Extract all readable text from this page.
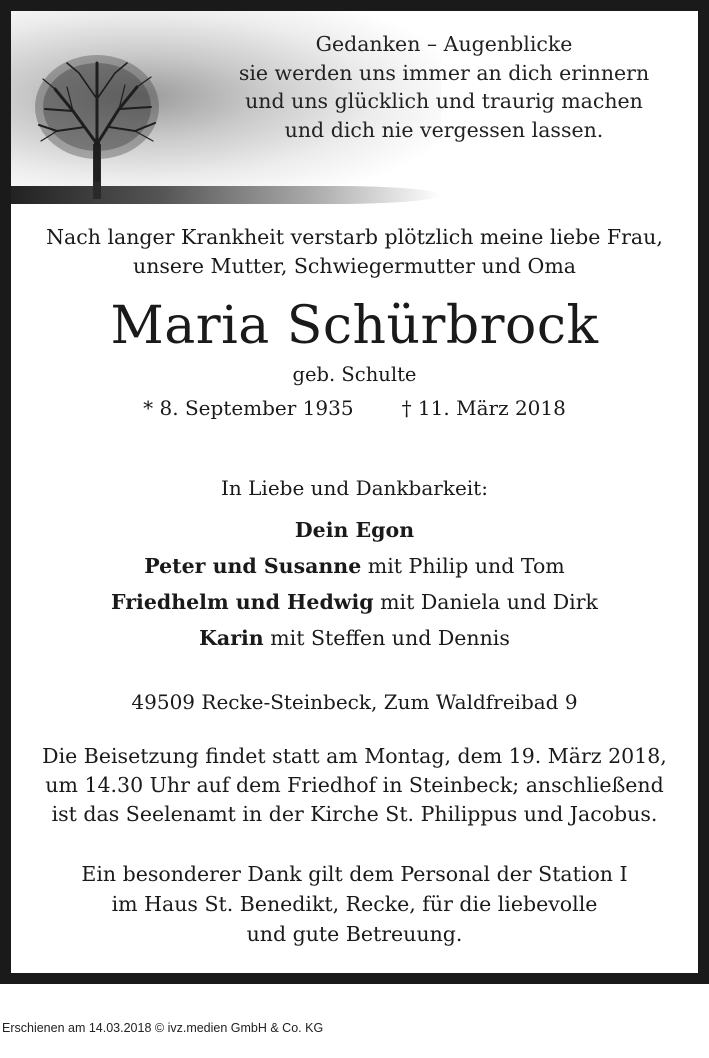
Gedanken – Augenblicke
sie werden uns immer an dich erinnern
und uns glücklich und traurig machen
und dich nie vergessen lassen.
Nach langer Krankheit verstarb plötzlich meine liebe Frau,
unsere Mutter, Schwiegermutter und Oma
Maria Schürbrock
geb. Schulte
* 8. September 1935 † 11. März 2018
In Liebe und Dankbarkeit:
Dein Egon
Peter und Susanne mit Philip und Tom
Friedhelm und Hedwig mit Daniela und Dirk
Karin mit Steffen und Dennis
49509 Recke-Steinbeck, Zum Waldfreibad 9
Die Beisetzung findet statt am Montag, dem 19. März 2018,
um 14.30 Uhr auf dem Friedhof in Steinbeck; anschließend
ist das Seelenamt in der Kirche St. Philippus und Jacobus.
Ein besonderer Dank gilt dem Personal der Station I
im Haus St. Benedikt, Recke, für die liebevolle
und gute Betreuung.
Erschienen am 14.03.2018 © ivz.medien GmbH & Co. KG
